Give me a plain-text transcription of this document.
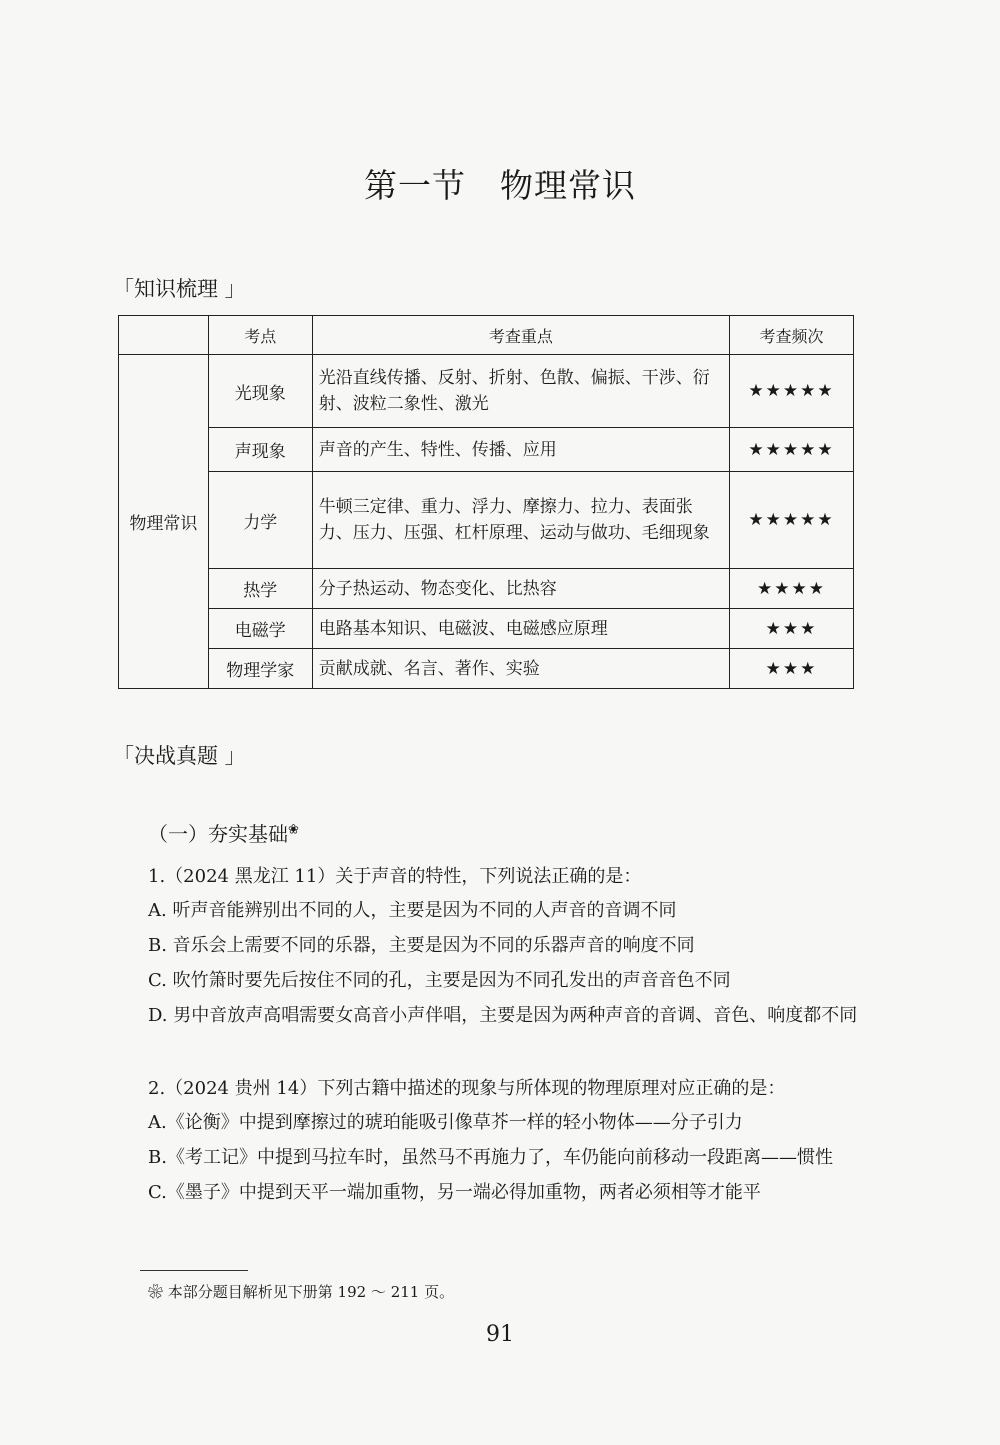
第一节 物理常识
「知识梳理 」
	考点	考查重点	考查频次
物理常识	光现象	光沿直线传播、反射、折射、色散、偏振、干涉、衍射、波粒二象性、激光	★★★★★
	声现象	声音的产生、特性、传播、应用	★★★★★
	力学	牛顿三定律、重力、浮力、摩擦力、拉力、表面张力、压力、压强、杠杆原理、运动与做功、毛细现象	★★★★★
	热学	分子热运动、物态变化、比热容	★★★★
	电磁学	电路基本知识、电磁波、电磁感应原理	★★★
	物理学家	贡献成就、名言、著作、实验	★★★
「决战真题 」
（一）夯实基础❀
1.（2024 黑龙江 11）关于声音的特性，下列说法正确的是：
A. 听声音能辨别出不同的人，主要是因为不同的人声音的音调不同
B. 音乐会上需要不同的乐器，主要是因为不同的乐器声音的响度不同
C. 吹竹箫时要先后按住不同的孔，主要是因为不同孔发出的声音音色不同
D. 男中音放声高唱需要女高音小声伴唱，主要是因为两种声音的音调、音色、响度都不同
2.（2024 贵州 14）下列古籍中描述的现象与所体现的物理原理对应正确的是：
A.《论衡》中提到摩擦过的琥珀能吸引像草芥一样的轻小物体——分子引力
B.《考工记》中提到马拉车时，虽然马不再施力了，车仍能向前移动一段距离——惯性
C.《墨子》中提到天平一端加重物，另一端必得加重物，两者必须相等才能平
❀ 本部分题目解析见下册第 192 ～ 211 页。
91
